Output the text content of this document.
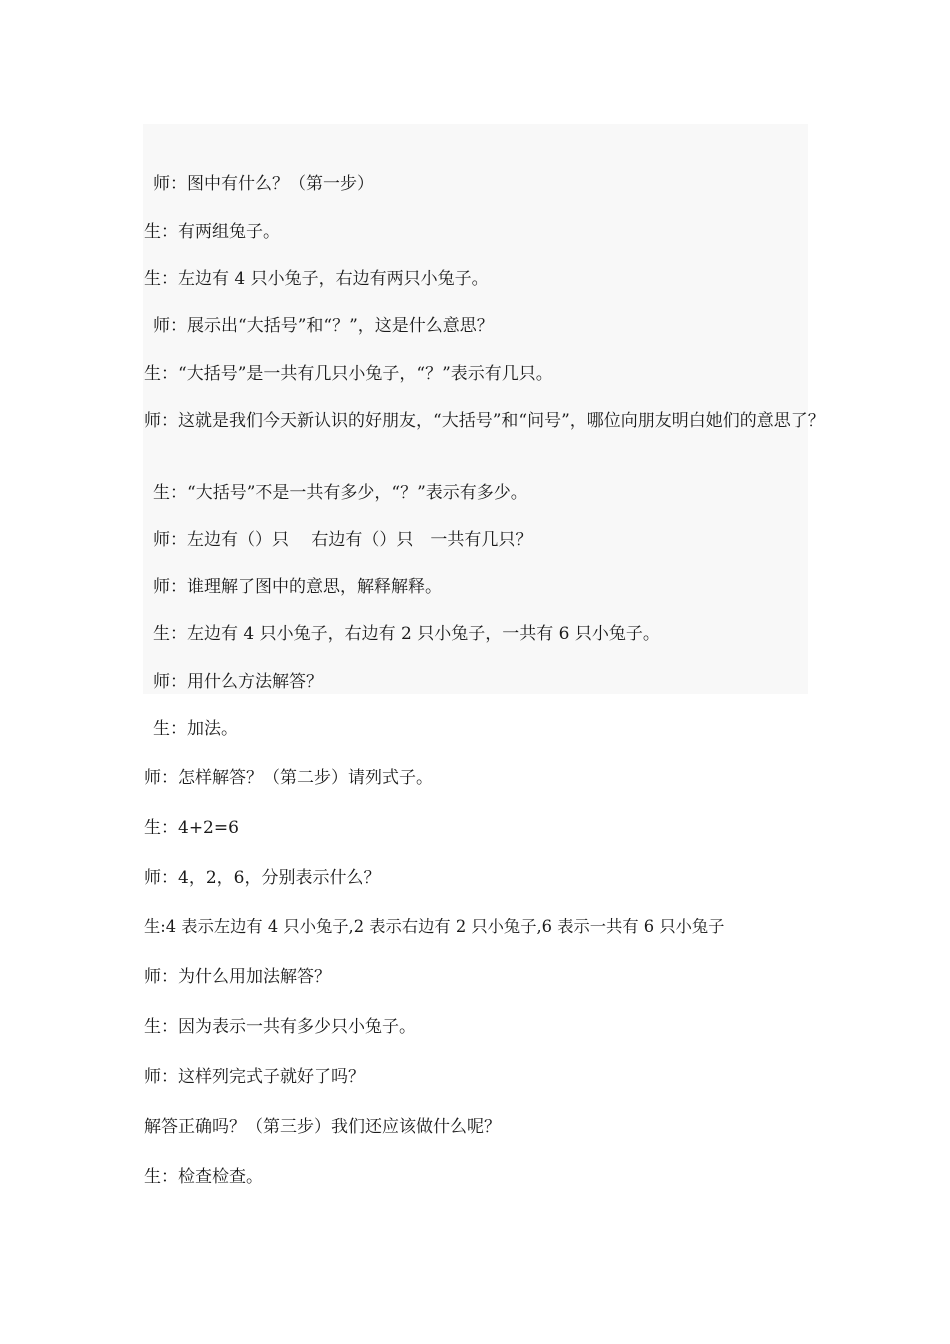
师：图中有什么？（第一步）

生：有两组兔子。

生：左边有 4 只小兔子，右边有两只小兔子。

师：展示出“大括号”和“？”，这是什么意思？

生：“大括号”是一共有几只小兔子，“？”表示有几只。

师：这就是我们今天新认识的好朋友，“大括号”和“问号”，哪位向朋友明白她们的意思了？

生：“大括号”不是一共有多少，“？”表示有多少。

师：左边有（）只　 右边有（）只　一共有几只？

师：谁理解了图中的意思，解释解释。

生：左边有 4 只小兔子，右边有 2 只小兔子，一共有 6 只小兔子。

师：用什么方法解答？

生：加法。

师：怎样解答？（第二步）请列式子。

生：4+2=6

师：4，2，6，分别表示什么？

生:4 表示左边有 4 只小兔子,2 表示右边有 2 只小兔子,6 表示一共有 6 只小兔子

师：为什么用加法解答？

生：因为表示一共有多少只小兔子。

师：这样列完式子就好了吗？

解答正确吗？（第三步）我们还应该做什么呢？

生：检查检查。
